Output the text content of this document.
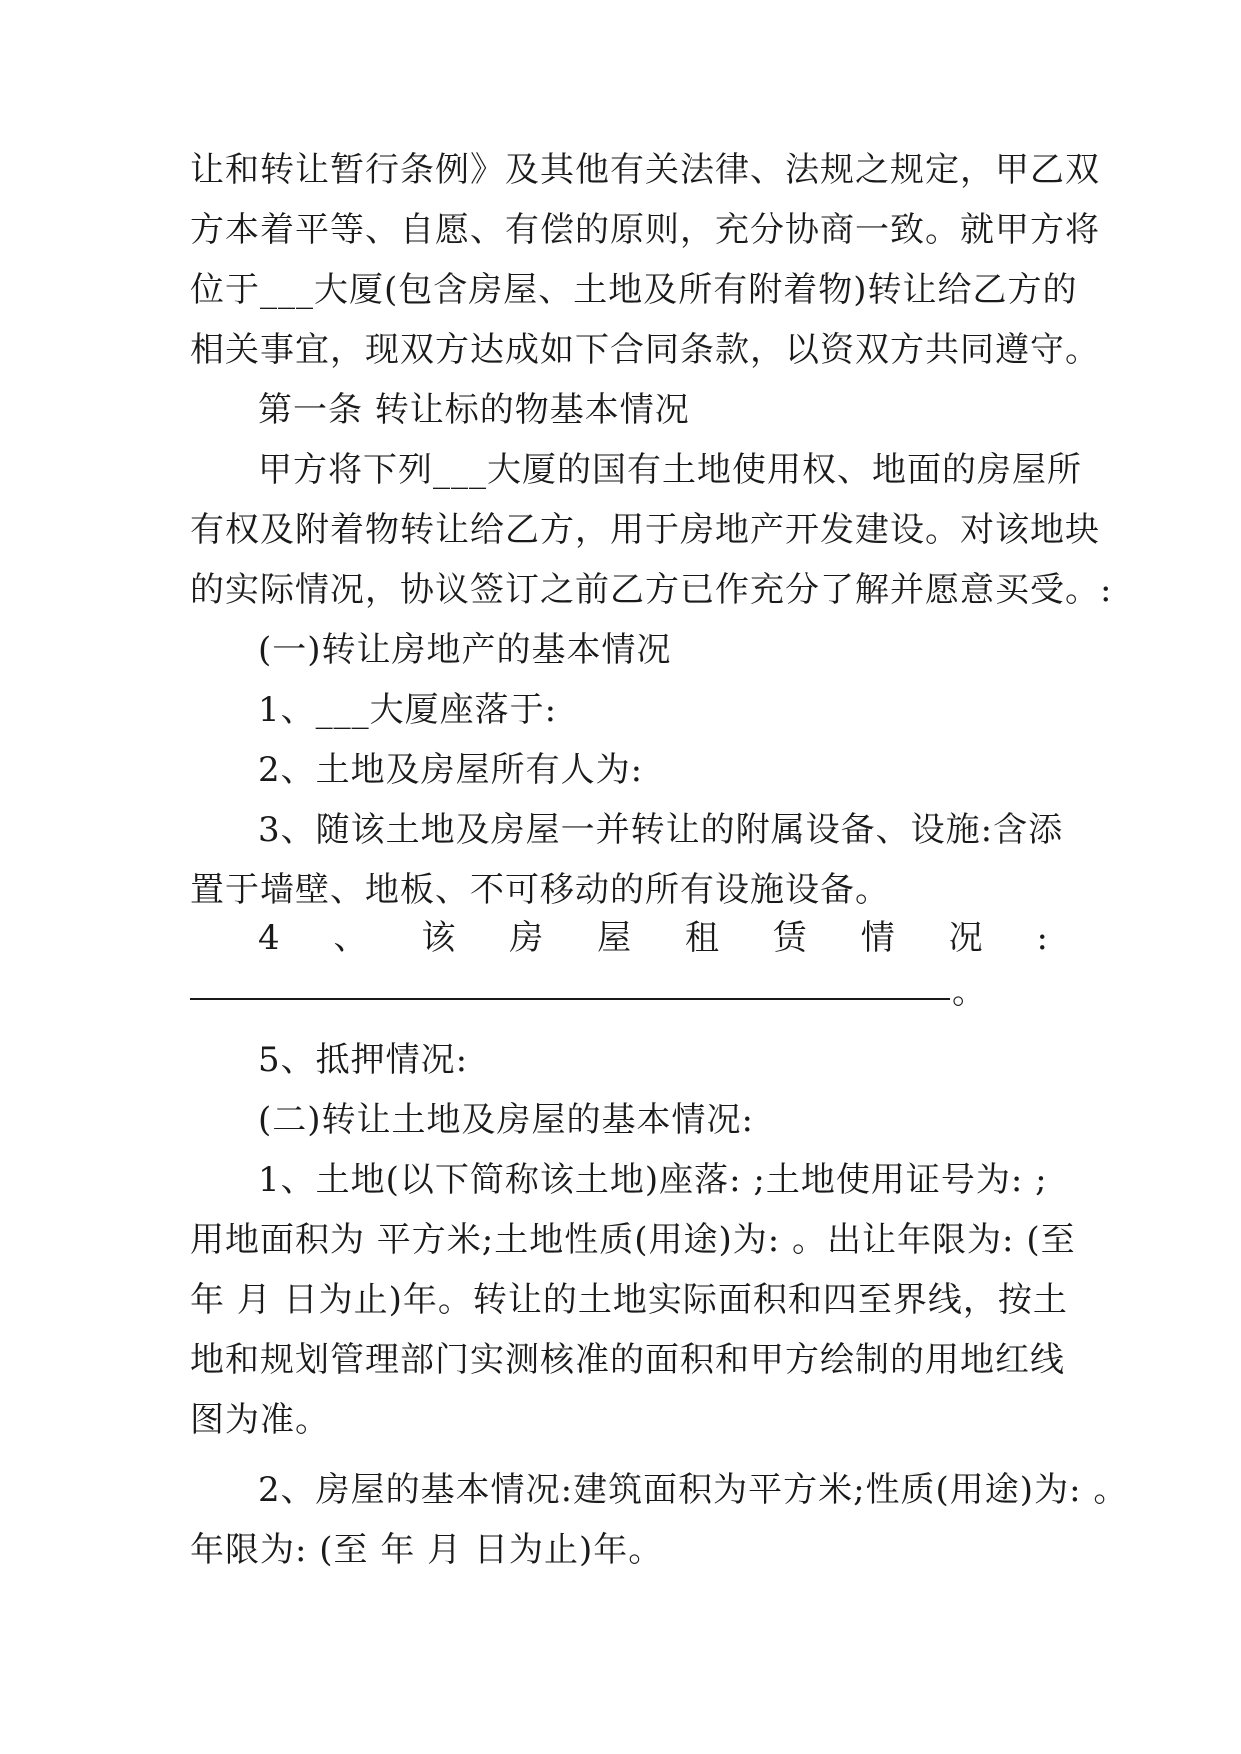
让和转让暂行条例》及其他有关法律、法规之规定，甲乙双
方本着平等、自愿、有偿的原则，充分协商一致。就甲方将
位于___大厦(包含房屋、土地及所有附着物)转让给乙方的
相关事宜，现双方达成如下合同条款，以资双方共同遵守。
第一条 转让标的物基本情况
甲方将下列___大厦的国有土地使用权、地面的房屋所
有权及附着物转让给乙方，用于房地产开发建设。对该地块
的实际情况，协议签订之前乙方已作充分了解并愿意买受。:
(一)转让房地产的基本情况
1、___大厦座落于:
2、土地及房屋所有人为:
3、随该土地及房屋一并转让的附属设备、设施:含添
置于墙壁、地板、不可移动的所有设施设备。
4 、 该 房 屋 租 赁 情 况 :
。
5、抵押情况:
(二)转让土地及房屋的基本情况:
1、土地(以下简称该土地)座落: ;土地使用证号为: ;
用地面积为 平方米;土地性质(用途)为: 。出让年限为: (至
年 月 日为止)年。转让的土地实际面积和四至界线，按土
地和规划管理部门实测核准的面积和甲方绘制的用地红线
图为准。
2、房屋的基本情况:建筑面积为平方米;性质(用途)为: 。
年限为: (至 年 月 日为止)年。
